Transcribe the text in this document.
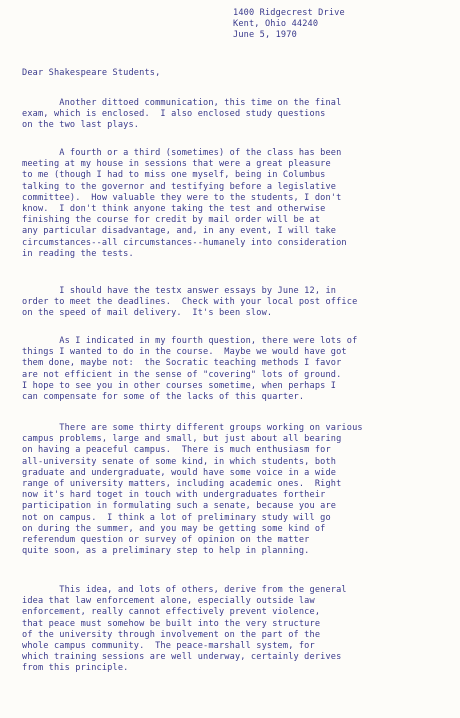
1400 Ridgecrest Drive
Kent, Ohio 44240
June 5, 1970
Dear Shakespeare Students,
Another dittoed communication, this time on the final
exam, which is enclosed.  I also enclosed study questions
on the two last plays.
A fourth or a third (sometimes) of the class has been
meeting at my house in sessions that were a great pleasure
to me (though I had to miss one myself, being in Columbus
talking to the governor and testifying before a legislative
committee).  How valuable they were to the students, I don't
know.  I don't think anyone taking the test and otherwise
finishing the course for credit by mail order will be at
any particular disadvantage, and, in any event, I will take
circumstances--all circumstances--humanely into consideration
in reading the tests.
I should have the testx answer essays by June 12, in
order to meet the deadlines.  Check with your local post office
on the speed of mail delivery.  It's been slow.
As I indicated in my fourth question, there were lots of
things I wanted to do in the course.  Maybe we would have got
them done, maybe not:  the Socratic teaching methods I favor
are not efficient in the sense of "covering" lots of ground.
I hope to see you in other courses sometime, when perhaps I
can compensate for some of the lacks of this quarter.
There are some thirty different groups working on various
campus problems, large and small, but just about all bearing
on having a peaceful campus.  There is much enthusiasm for
all-university senate of some kind, in which students, both
graduate and undergraduate, would have some voice in a wide
range of university matters, including academic ones.  Right
now it's hard toget in touch with undergraduates fortheir
participation in formulating such a senate, because you are
not on campus.  I think a lot of preliminary study will go
on during the summer, and you may be getting some kind of
referendum question or survey of opinion on the matter
quite soon, as a preliminary step to help in planning.
This idea, and lots of others, derive from the general
idea that law enforcement alone, especially outside law
enforcement, really cannot effectively prevent violence,
that peace must somehow be built into the very structure
of the university through involvement on the part of the
whole campus community.  The peace-marshall system, for
which training sessions are well underway, certainly derives
from this principle.
